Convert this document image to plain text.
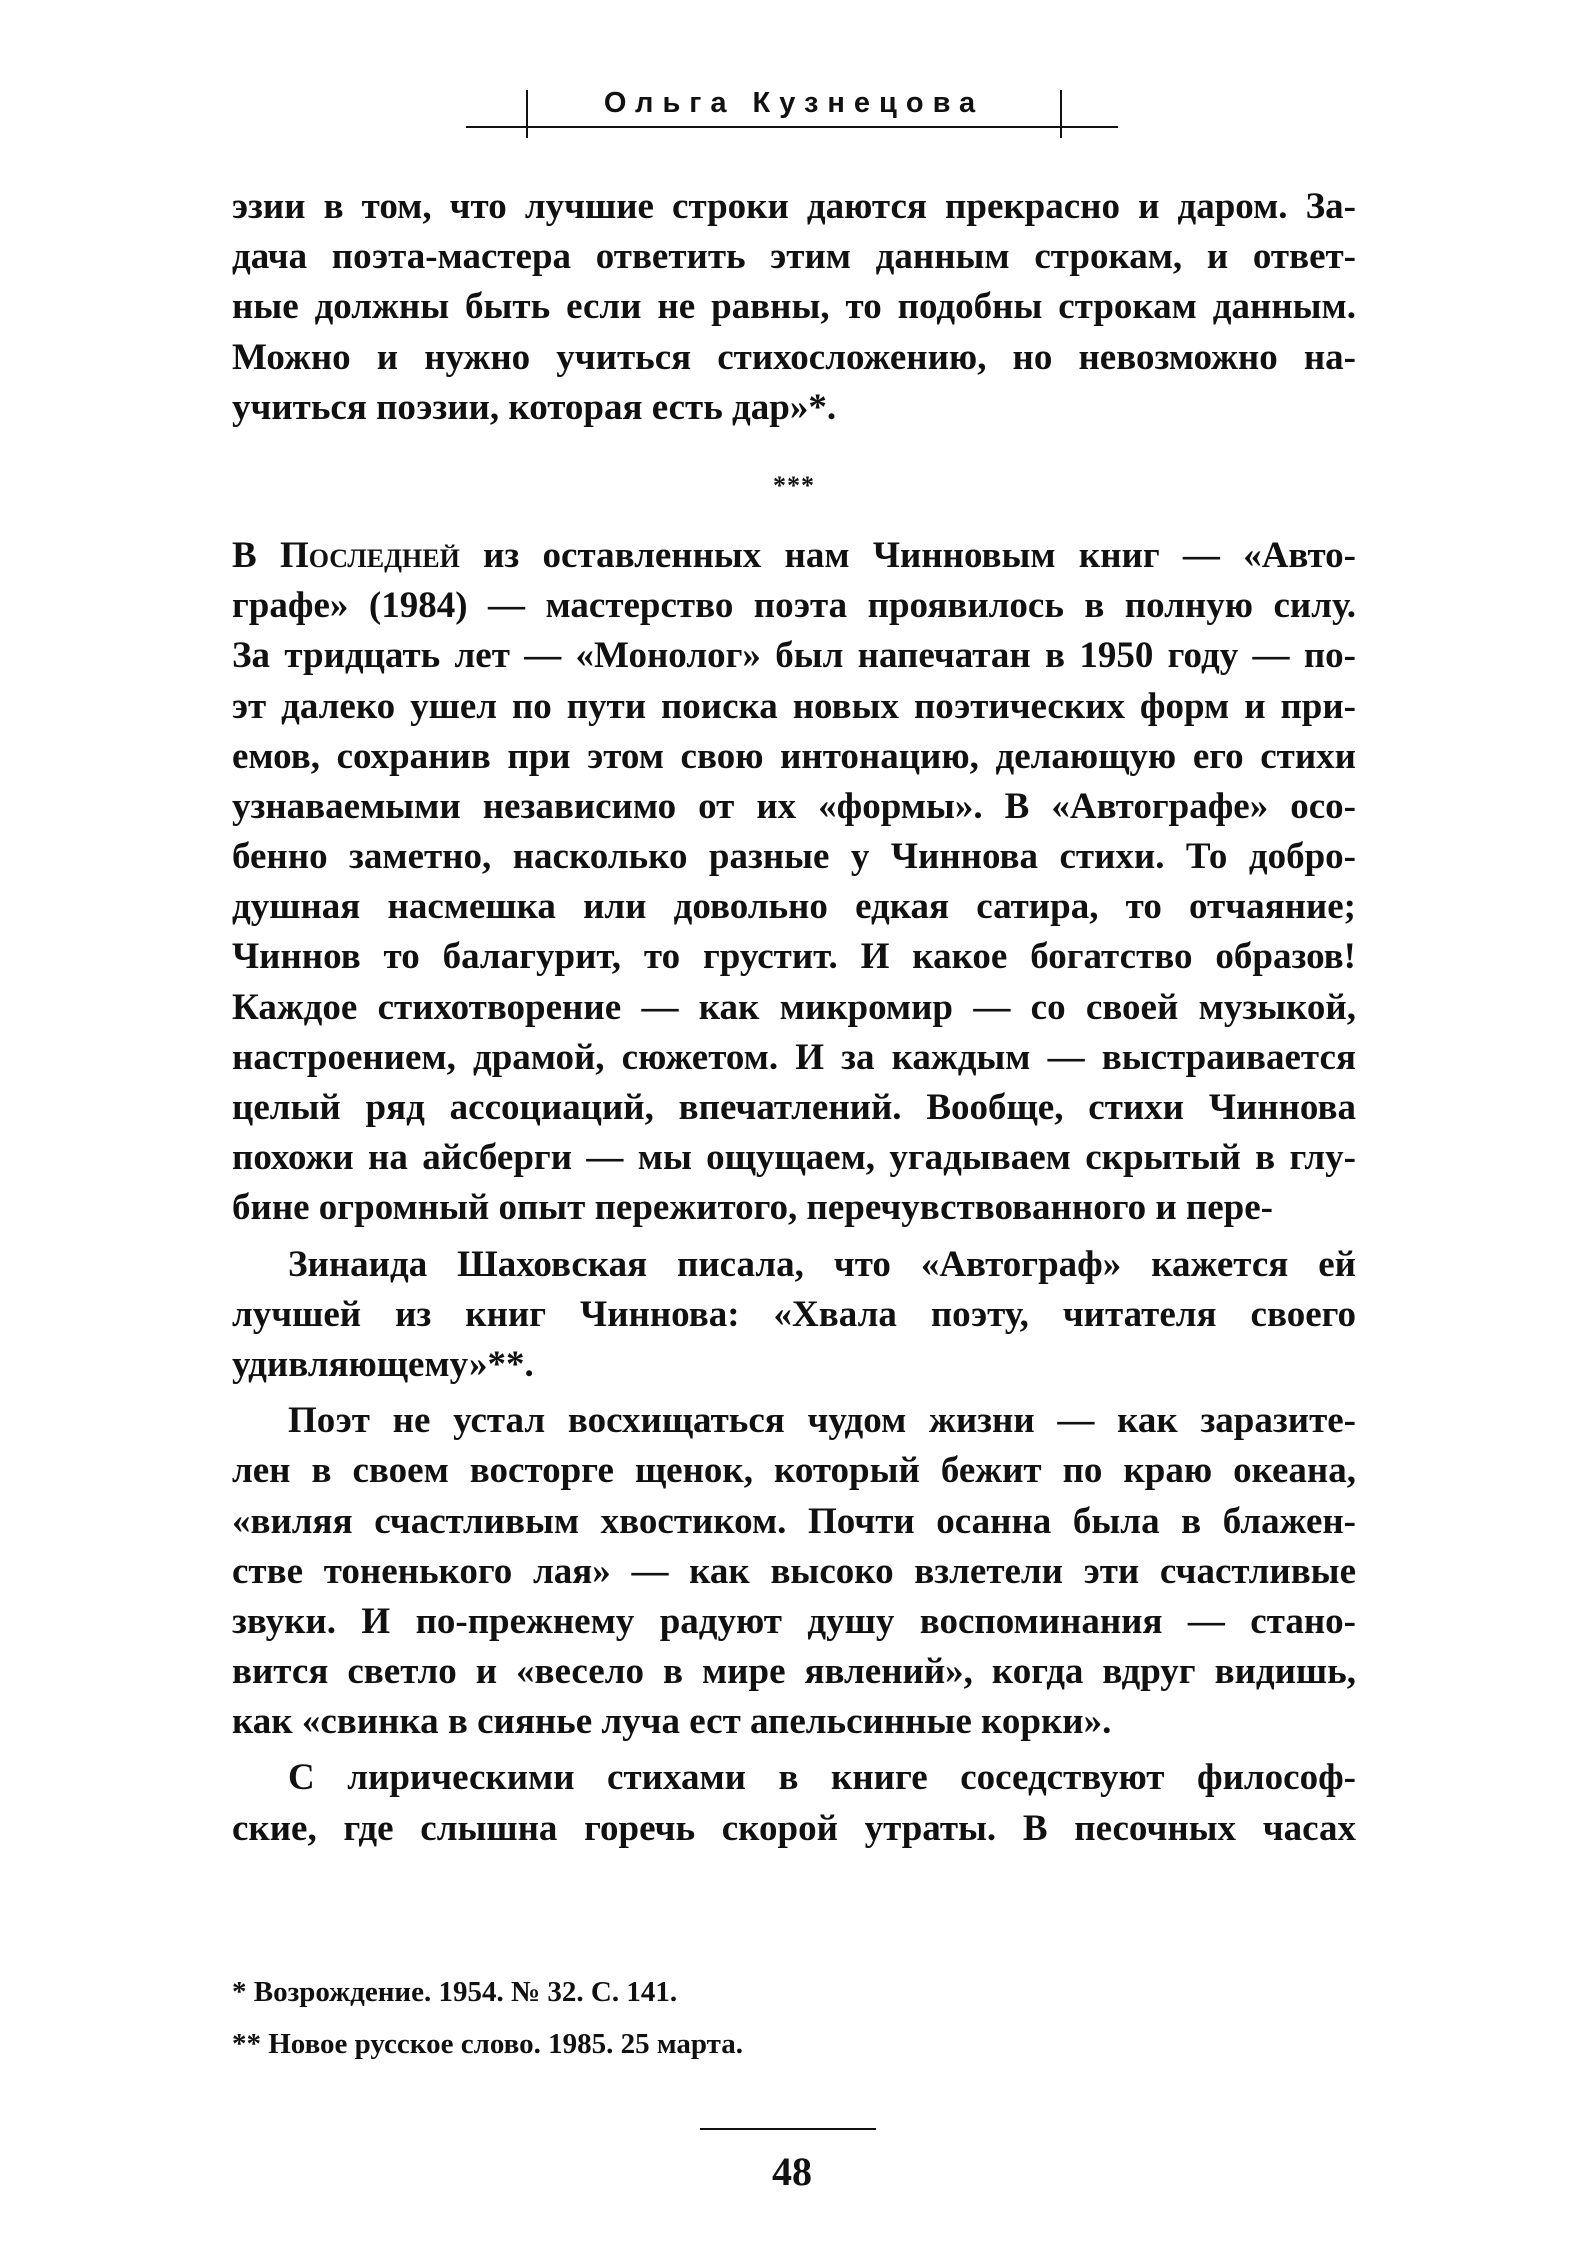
Ольга Кузнецова
эзии в том, что лучшие строки даются прекрасно и даром. За-
дача поэта-мастера ответить этим данным строкам, и ответ-
ные должны быть если не равны, то подобны строкам данным.
Можно и нужно учиться стихосложению, но невозможно на-
учиться поэзии, которая есть дар»*.
***
В Последней из оставленных нам Чинновым книг — «Авто-
графе» (1984) — мастерство поэта проявилось в полную силу.
За тридцать лет — «Монолог» был напечатан в 1950 году — по-
эт далеко ушел по пути поиска новых поэтических форм и при-
емов, сохранив при этом свою интонацию, делающую его стихи
узнаваемыми независимо от их «формы». В «Автографе» осо-
бенно заметно, насколько разные у Чиннова стихи. То добро-
душная насмешка или довольно едкая сатира, то отчаяние;
Чиннов то балагурит, то грустит. И какое богатство образов!
Каждое стихотворение — как микромир — со своей музыкой,
настроением, драмой, сюжетом. И за каждым — выстраивается
целый ряд ассоциаций, впечатлений. Вообще, стихи Чиннова
похожи на айсберги — мы ощущаем, угадываем скрытый в глу-
бине огромный опыт пережитого, перечувствованного и пере-
Зинаида Шаховская писала, что «Автограф» кажется ей
лучшей из книг Чиннова: «Хвала поэту, читателя своего
удивляющему»**.
Поэт не устал восхищаться чудом жизни — как заразите-
лен в своем восторге щенок, который бежит по краю океана,
«виляя счастливым хвостиком. Почти осанна была в блажен-
стве тоненького лая» — как высоко взлетели эти счастливые
звуки. И по-прежнему радуют душу воспоминания — стано-
вится светло и «весело в мире явлений», когда вдруг видишь,
как «свинка в сиянье луча ест апельсинные корки».
С лирическими стихами в книге соседствуют философ-
ские, где слышна горечь скорой утраты. В песочных часах
* Возрождение. 1954. № 32. С. 141.
** Новое русское слово. 1985. 25 марта.
48
